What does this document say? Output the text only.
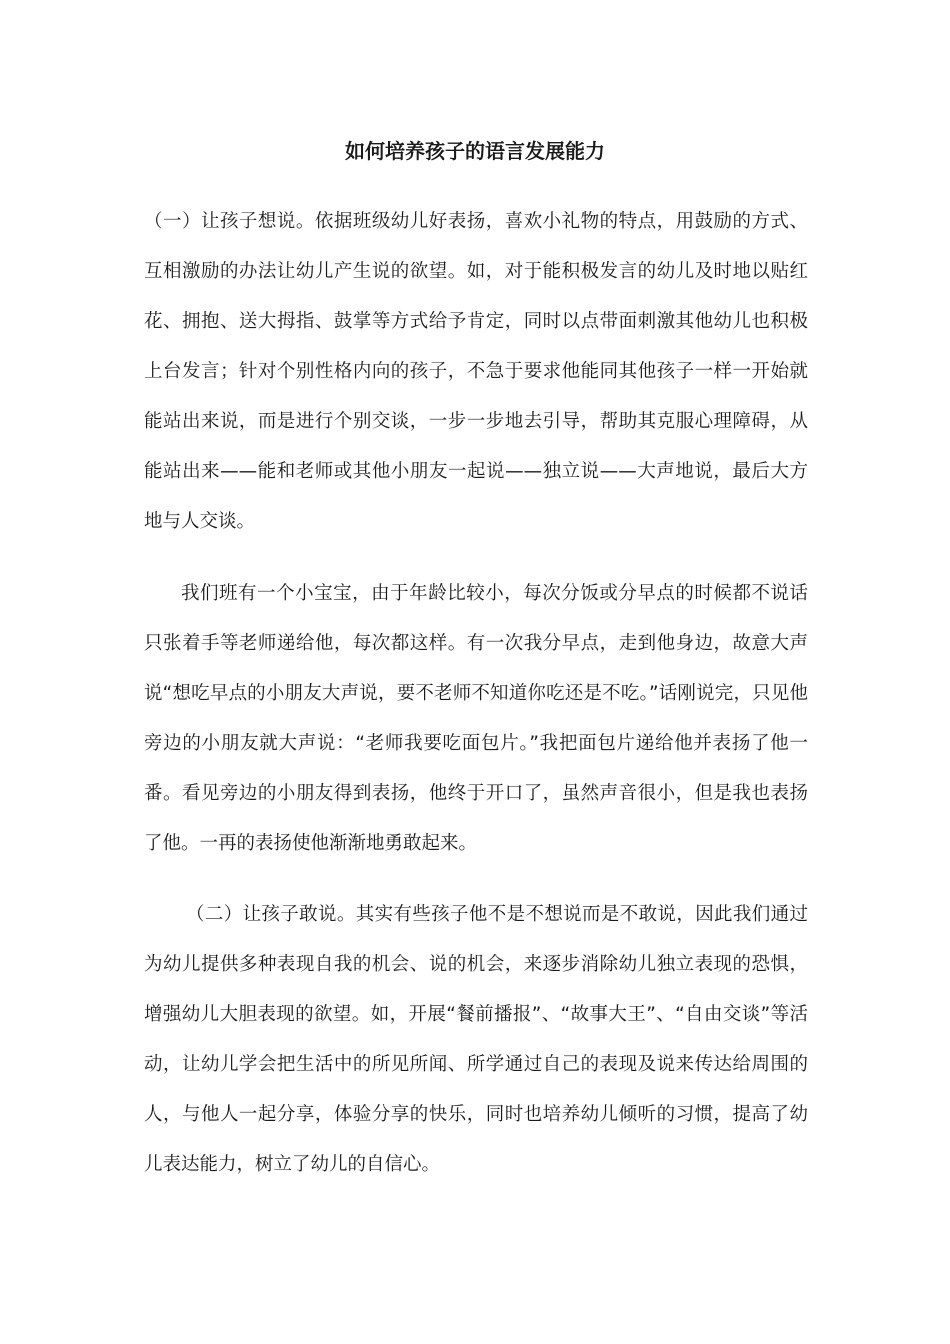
如何培养孩子的语言发展能力

（一）让孩子想说。依据班级幼儿好表扬，喜欢小礼物的特点，用鼓励的方式、互相激励的办法让幼儿产生说的欲望。如，对于能积极发言的幼儿及时地以贴红花、拥抱、送大拇指、鼓掌等方式给予肯定，同时以点带面刺激其他幼儿也积极上台发言；针对个别性格内向的孩子，不急于要求他能同其他孩子一样一开始就能站出来说，而是进行个别交谈，一步一步地去引导，帮助其克服心理障碍，从能站出来——能和老师或其他小朋友一起说——独立说——大声地说，最后大方地与人交谈。

我们班有一个小宝宝，由于年龄比较小，每次分饭或分早点的时候都不说话只张着手等老师递给他，每次都这样。有一次我分早点，走到他身边，故意大声说“想吃早点的小朋友大声说，要不老师不知道你吃还是不吃。”话刚说完，只见他旁边的小朋友就大声说：“老师我要吃面包片。”我把面包片递给他并表扬了他一番。看见旁边的小朋友得到表扬，他终于开口了，虽然声音很小，但是我也表扬了他。一再的表扬使他渐渐地勇敢起来。

（二）让孩子敢说。其实有些孩子他不是不想说而是不敢说，因此我们通过为幼儿提供多种表现自我的机会、说的机会，来逐步消除幼儿独立表现的恐惧，增强幼儿大胆表现的欲望。如，开展“餐前播报”、“故事大王”、“自由交谈”等活动，让幼儿学会把生活中的所见所闻、所学通过自己的表现及说来传达给周围的人，与他人一起分享，体验分享的快乐，同时也培养幼儿倾听的习惯，提高了幼儿表达能力，树立了幼儿的自信心。
